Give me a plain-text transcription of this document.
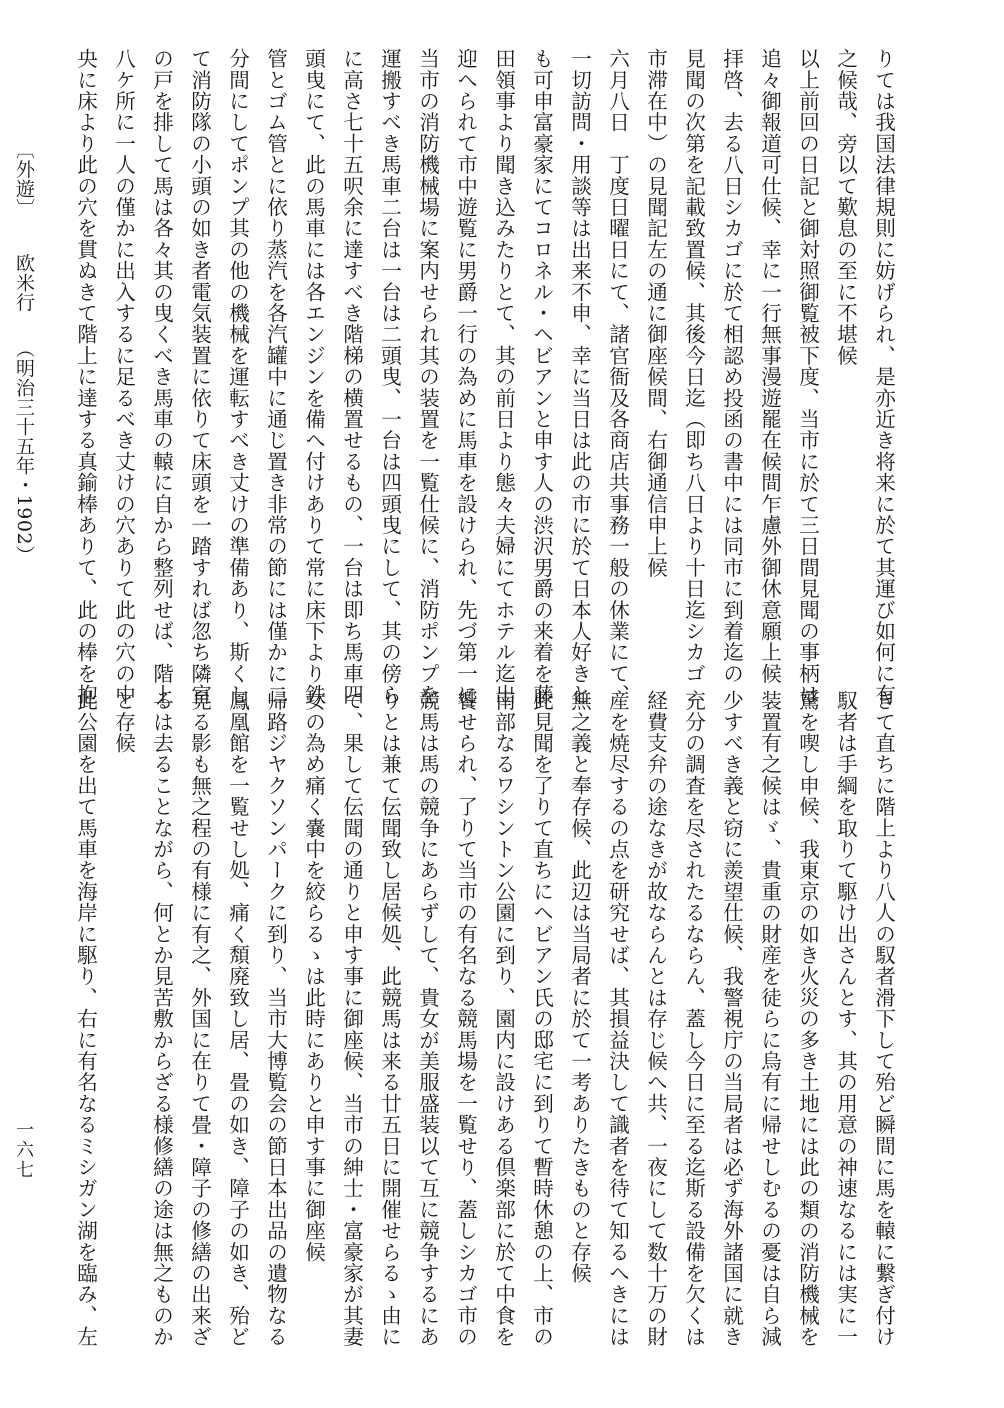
りては我国法律規則に妨げられ、是亦近き将来に於て其運び如何に有

之候哉、旁以て歎息の至に不堪候

以上前回の日記と御対照御覧被下度、当市に於て三日間見聞の事柄は

追々御報道可仕候、幸に一行無事漫遊罷在候間乍慮外御休意願上候

拝啓、去る八日シカゴに於て相認め投函の書中には同市に到着迄の

見聞の次第を記載致置候、其後今日迄（即ち八日より十日迄シカゴ

市滞在中）の見聞記左の通に御座候間、右御通信申上候

六月八日　丁度日曜日にて、諸官衙及各商店共事務一般の休業にて、

一切訪問・用談等は出来不申、幸に当日は此の市に於て日本人好きと

も可申富豪家にてコロネル・ヘビアンと申す人の渋沢男爵の来着を藤

田領事より聞き込みたりとて、其の前日より態々夫婦にてホテル迄出

迎へられて市中遊覧に男爵一行の為めに馬車を設けられ、先づ第一に

当市の消防機械場に案内せられ其の装置を一覧仕候に、消防ポンプを

運搬すべき馬車二台は一台は二頭曳、一台は四頭曳にして、其の傍ら

に高さ七十五呎余に達すべき階梯の横置せるもの、一台は即ち馬車四

頭曳にて、此の馬車には各エンジンを備へ付けありて常に床下より鉄

管とゴム管とに依り蒸汽を各汽罐中に通じ置き非常の節には僅かに二

分間にしてポンプ其の他の機械を運転すべき丈けの準備あり、斯くし

て消防隊の小頭の如き者電気装置に依りて床頭を一踏すれば忽ち隣室

の戸を排して馬は各々其の曳くべき馬車の轅に自から整列せば、階上

八ケ所に一人の僅かに出入するに足るべき丈けの穴ありて此の穴の中

央に床より此の穴を貫ぬきて階上に達する真鍮棒ありて、此の棒を抱

きて直ちに階上より八人の馭者滑下して殆ど瞬間に馬を轅に繋ぎ付け

馭者は手綱を取りて駆け出さんとす、其の用意の神速なるには実に一

驚を喫し申候、我東京の如き火災の多き土地には此の類の消防機械を

装置有之候はゞ、貴重の財産を徒らに烏有に帰せしむるの憂は自ら減

少すべき義と窃に羨望仕候、我警視庁の当局者は必ず海外諸国に就き

充分の調査を尽されたるならん、蓋し今日に至る迄斯る設備を欠くは

経費支弁の途なきが故ならんとは存じ候へ共、一夜にして数十万の財

産を焼尽するの点を研究せば、其損益決して識者を待て知るへきには

無之義と奉存候、此辺は当局者に於て一考ありたきものと存候

此見聞を了りて直ちにヘビアン氏の邸宅に到りて暫時休憩の上、市の

南部なるワシントン公園に到り、園内に設けある倶楽部に於て中食を

饗せられ、了りて当市の有名なる競馬場を一覧せり、蓋しシカゴ市の

競馬は馬の競争にあらずして、貴女が美服盛装以て互に競争するにあ

りとは兼て伝聞致し居候処、此競馬は来る廿五日に開催せらるゝ由に

て、果して伝聞の通りと申す事に御座候、当市の紳士・富豪家が其妻

女の為め痛く嚢中を絞らるゝは此時にありと申す事に御座候

帰路ジヤクソンパークに到り、当市大博覧会の節日本出品の遺物なる

鳳凰館を一覧せし処、痛く頽廃致し居、畳の如き、障子の如き、殆ど

見る影も無之程の有様に有之、外国に在りて畳・障子の修繕の出来ざ

るは去ることながら、何とか見苦敷からざる様修繕の途は無之ものか

と存候

此公園を出て馬車を海岸に駆り、右に有名なるミシガン湖を臨み、左

〔外遊〕  欧米行  （明治三十五年・1902）
一六七
